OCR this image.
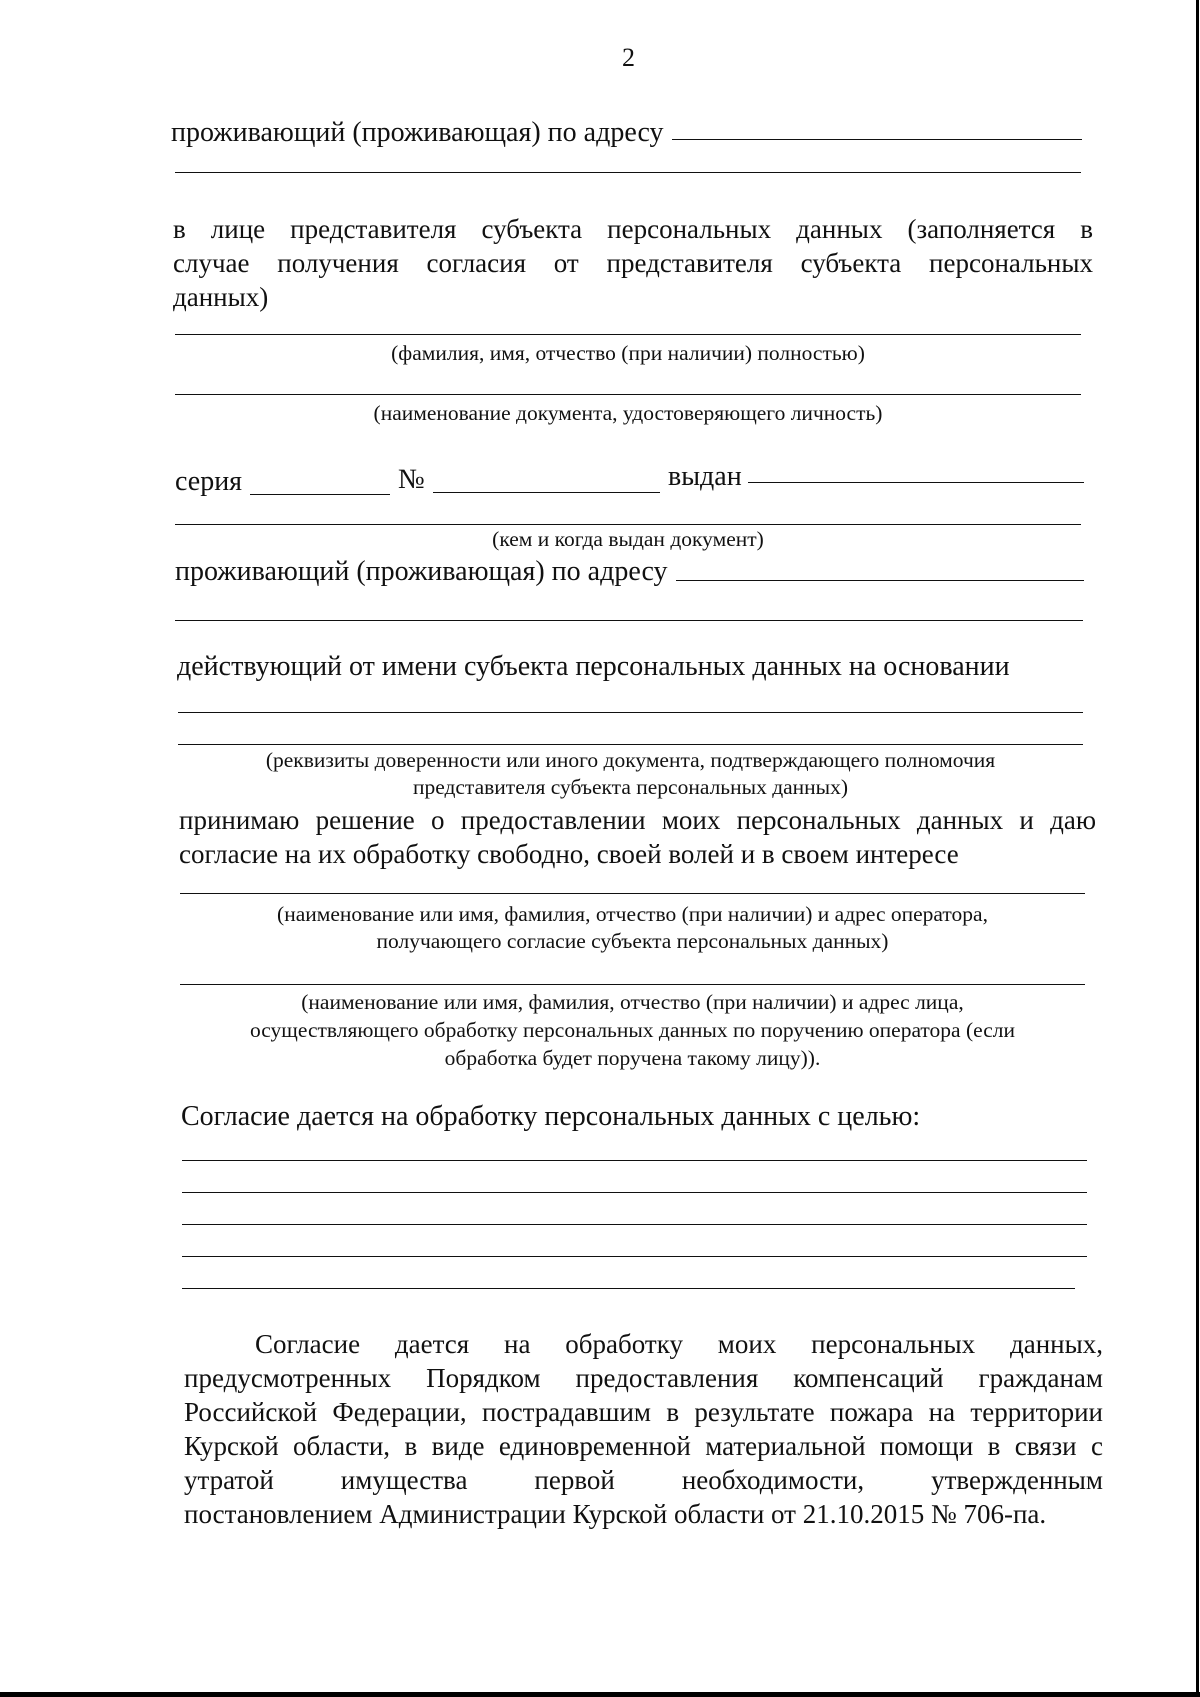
2
проживающий (проживающая) по адресу
в лице представителя субъекта персональных данных (заполняется в
случае получения согласия от представителя субъекта персональных
данных)
(фамилия, имя, отчество (при наличии) полностью)
(наименование документа, удостоверяющего личность)
серия	№	выдан
(кем и когда выдан документ)
проживающий (проживающая) по адресу
действующий от имени субъекта персональных данных на основании
(реквизиты доверенности или иного документа, подтверждающего полномочия
представителя субъекта персональных данных)
принимаю решение о предоставлении моих персональных данных и даю
согласие на их обработку свободно, своей волей и в своем интересе
(наименование или имя, фамилия, отчество (при наличии) и адрес оператора,
получающего согласие субъекта персональных данных)
(наименование или имя, фамилия, отчество (при наличии) и адрес лица,
осуществляющего обработку персональных данных по поручению оператора (если
обработка будет поручена такому лицу)).
Согласие дается на обработку персональных данных с целью:
Согласие дается на обработку моих персональных данных,
предусмотренных Порядком предоставления компенсаций гражданам
Российской Федерации, пострадавшим в результате пожара на территории
Курской области, в виде единовременной материальной помощи в связи с
утратой имущества первой необходимости, утвержденным
постановлением Администрации Курской области от 21.10.2015 № 706-па.
